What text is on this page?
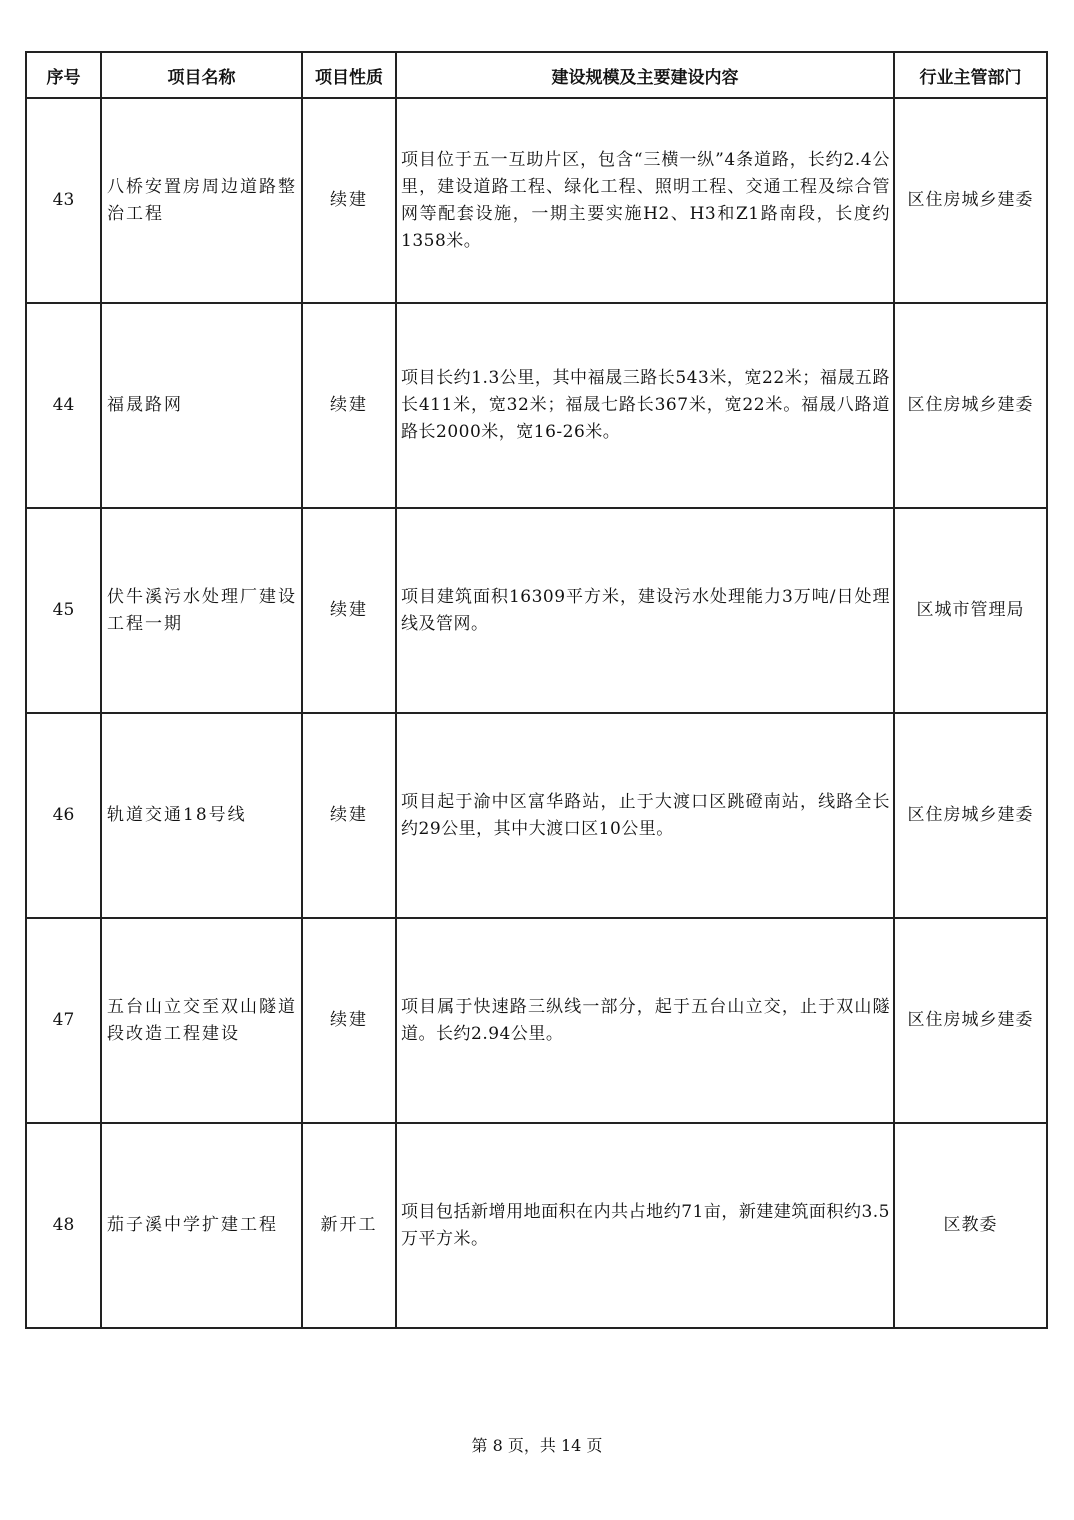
序号	项目名称	项目性质	建设规模及主要建设内容	行业主管部门
43	八桥安置房周边道路整治工程	续建	项目位于五一互助片区，包含“三横一纵”4条道路，长约2.4公里，建设道路工程、绿化工程、照明工程、交通工程及综合管网等配套设施，一期主要实施H2、H3和Z1路南段，长度约1358米。	区住房城乡建委
44	福晟路网	续建	项目长约1.3公里，其中福晟三路长543米，宽22米；福晟五路长411米，宽32米；福晟七路长367米，宽22米。福晟八路道路长2000米，宽16-26米。	区住房城乡建委
45	伏牛溪污水处理厂建设工程一期	续建	项目建筑面积16309平方米，建设污水处理能力3万吨/日处理线及管网。	区城市管理局
46	轨道交通18号线	续建	项目起于渝中区富华路站，止于大渡口区跳磴南站，线路全长约29公里，其中大渡口区10公里。	区住房城乡建委
47	五台山立交至双山隧道段改造工程建设	续建	项目属于快速路三纵线一部分，起于五台山立交，止于双山隧道。长约2.94公里。	区住房城乡建委
48	茄子溪中学扩建工程	新开工	项目包括新增用地面积在内共占地约71亩，新建建筑面积约3.5万平方米。	区教委
第 8 页，共 14 页
